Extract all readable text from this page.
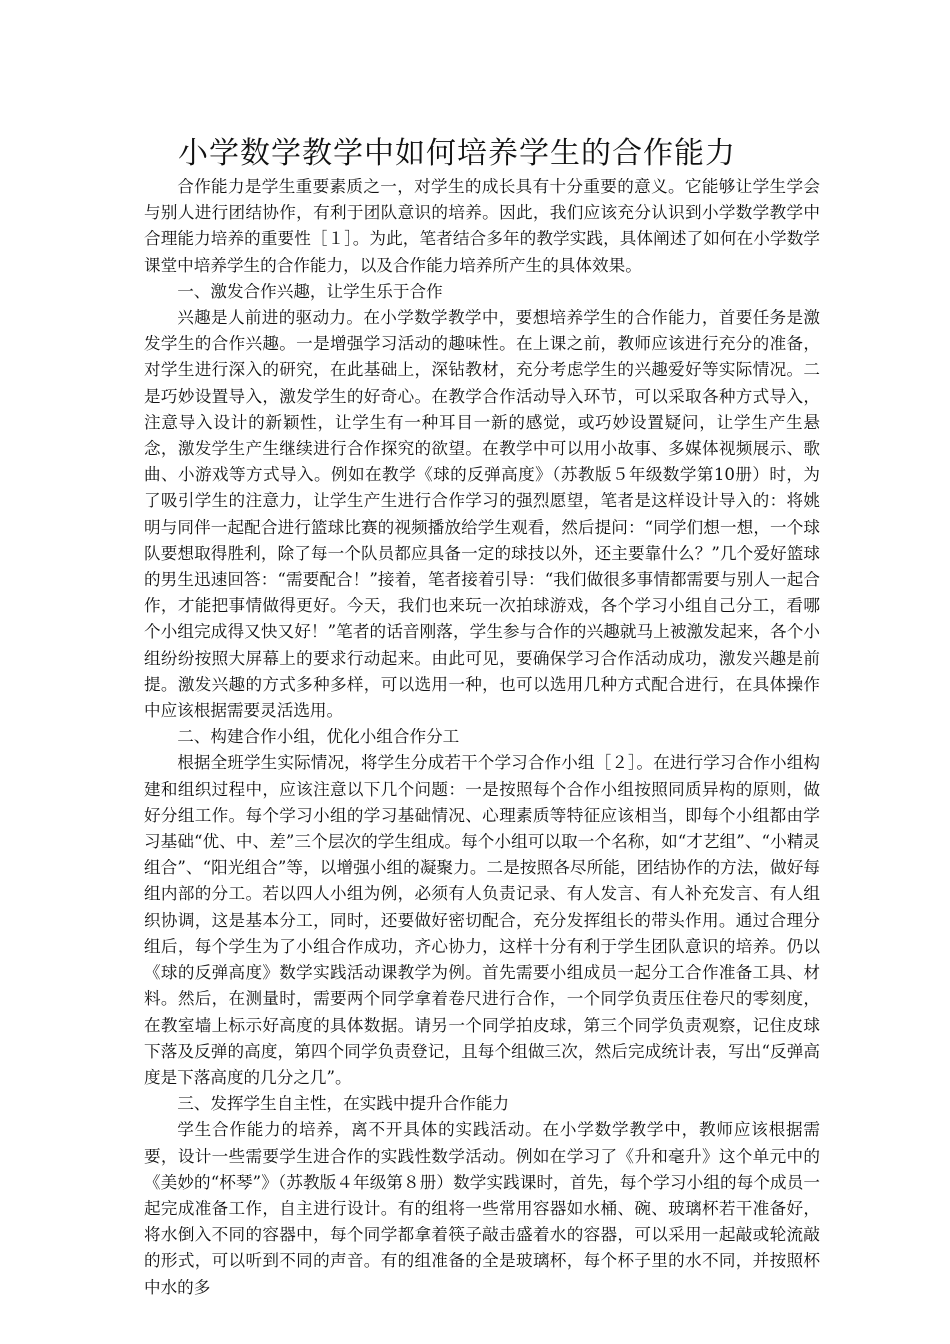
小学数学教学中如何培养学生的合作能力

合作能力是学生重要素质之一，对学生的成长具有十分重要的意义。它能够让学生学会与别人进行团结协作，有利于团队意识的培养。因此，我们应该充分认识到小学数学教学中合理能力培养的重要性［１］。为此，笔者结合多年的教学实践，具体阐述了如何在小学数学课堂中培养学生的合作能力，以及合作能力培养所产生的具体效果。

一、激发合作兴趣，让学生乐于合作

兴趣是人前进的驱动力。在小学数学教学中，要想培养学生的合作能力，首要任务是激发学生的合作兴趣。一是增强学习活动的趣味性。在上课之前，教师应该进行充分的准备，对学生进行深入的研究，在此基础上，深钻教材，充分考虑学生的兴趣爱好等实际情况。二是巧妙设置导入，激发学生的好奇心。在教学合作活动导入环节，可以采取各种方式导入，注意导入设计的新颖性，让学生有一种耳目一新的感觉，或巧妙设置疑问，让学生产生悬念，激发学生产生继续进行合作探究的欲望。在教学中可以用小故事、多媒体视频展示、歌曲、小游戏等方式导入。例如在教学《球的反弹高度》（苏教版５年级数学第10册）时，为了吸引学生的注意力，让学生产生进行合作学习的强烈愿望，笔者是这样设计导入的：将姚明与同伴一起配合进行篮球比赛的视频播放给学生观看，然后提问：“同学们想一想，一个球队要想取得胜利，除了每一个队员都应具备一定的球技以外，还主要靠什么？”几个爱好篮球的男生迅速回答：“需要配合！”接着，笔者接着引导：“我们做很多事情都需要与别人一起合作，才能把事情做得更好。今天，我们也来玩一次拍球游戏，各个学习小组自己分工，看哪个小组完成得又快又好！”笔者的话音刚落，学生参与合作的兴趣就马上被激发起来，各个小组纷纷按照大屏幕上的要求行动起来。由此可见，要确保学习合作活动成功，激发兴趣是前提。激发兴趣的方式多种多样，可以选用一种，也可以选用几种方式配合进行，在具体操作中应该根据需要灵活选用。

二、构建合作小组，优化小组合作分工

根据全班学生实际情况，将学生分成若干个学习合作小组［２］。在进行学习合作小组构建和组织过程中，应该注意以下几个问题：一是按照每个合作小组按照同质异构的原则，做好分组工作。每个学习小组的学习基础情况、心理素质等特征应该相当，即每个小组都由学习基础“优、中、差”三个层次的学生组成。每个小组可以取一个名称，如“才艺组”、“小精灵组合”、“阳光组合”等，以增强小组的凝聚力。二是按照各尽所能，团结协作的方法，做好每组内部的分工。若以四人小组为例，必须有人负责记录、有人发言、有人补充发言、有人组织协调，这是基本分工，同时，还要做好密切配合，充分发挥组长的带头作用。通过合理分组后，每个学生为了小组合作成功，齐心协力，这样十分有利于学生团队意识的培养。仍以《球的反弹高度》数学实践活动课教学为例。首先需要小组成员一起分工合作准备工具、材料。然后，在测量时，需要两个同学拿着卷尺进行合作，一个同学负责压住卷尺的零刻度，在教室墙上标示好高度的具体数据。请另一个同学拍皮球，第三个同学负责观察，记住皮球下落及反弹的高度，第四个同学负责登记，且每个组做三次，然后完成统计表，写出“反弹高度是下落高度的几分之几”。

三、发挥学生自主性，在实践中提升合作能力

学生合作能力的培养，离不开具体的实践活动。在小学数学教学中，教师应该根据需要，设计一些需要学生进合作的实践性数学活动。例如在学习了《升和毫升》这个单元中的《美妙的“杯琴”》（苏教版４年级第８册）数学实践课时，首先，每个学习小组的每个成员一起完成准备工作，自主进行设计。有的组将一些常用容器如水桶、碗、玻璃杯若干准备好，将水倒入不同的容器中，每个同学都拿着筷子敲击盛着水的容器，可以采用一起敲或轮流敲的形式，可以听到不同的声音。有的组准备的全是玻璃杯，每个杯子里的水不同，并按照杯中水的多
